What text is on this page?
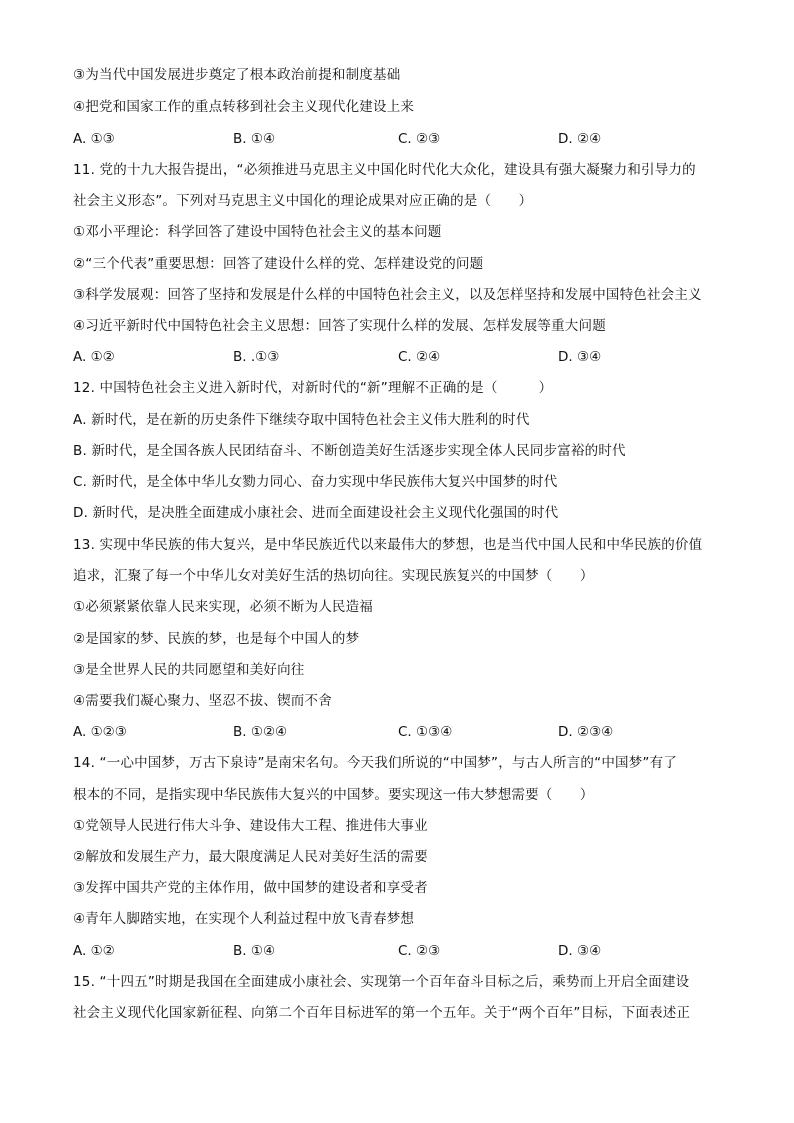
③为当代中国发展进步奠定了根本政治前提和制度基础
④把党和国家工作的重点转移到社会主义现代化建设上来
A. ①③	B. ①④	C. ②③	D. ②④
11. 党的十九大报告提出，“必须推进马克思主义中国化时代化大众化，建设具有强大凝聚力和引导力的
社会主义形态”。下列对马克思主义中国化的理论成果对应正确的是（　　）
①邓小平理论：科学回答了建设中国特色社会主义的基本问题
②“三个代表”重要思想：回答了建设什么样的党、怎样建设党的问题
③科学发展观：回答了坚持和发展是什么样的中国特色社会主义，以及怎样坚持和发展中国特色社会主义
④习近平新时代中国特色社会主义思想：回答了实现什么样的发展、怎样发展等重大问题
A. ①②	B. .①③	C. ②④	D. ③④
12. 中国特色社会主义进入新时代，对新时代的“新”理解不正确的是（　　　）
A. 新时代，是在新的历史条件下继续夺取中国特色社会主义伟大胜利的时代
B. 新时代，是全国各族人民团结奋斗、不断创造美好生活逐步实现全体人民同步富裕的时代
C. 新时代，是全体中华儿女勠力同心、奋力实现中华民族伟大复兴中国梦的时代
D. 新时代，是决胜全面建成小康社会、进而全面建设社会主义现代化强国的时代
13. 实现中华民族的伟大复兴，是中华民族近代以来最伟大的梦想，也是当代中国人民和中华民族的价值
追求，汇聚了每一个中华儿女对美好生活的热切向往。实现民族复兴的中国梦（　　）
①必须紧紧依靠人民来实现，必须不断为人民造福
②是国家的梦、民族的梦，也是每个中国人的梦
③是全世界人民的共同愿望和美好向往
④需要我们凝心聚力、坚忍不拔、锲而不舍
A. ①②③	B. ①②④	C. ①③④	D. ②③④
14. “一心中国梦，万古下泉诗”是南宋名句。今天我们所说的“中国梦”，与古人所言的“中国梦”有了
根本的不同，是指实现中华民族伟大复兴的中国梦。要实现这一伟大梦想需要（　　）
①党领导人民进行伟大斗争、建设伟大工程、推进伟大事业
②解放和发展生产力，最大限度满足人民对美好生活的需要
③发挥中国共产党的主体作用，做中国梦的建设者和享受者
④青年人脚踏实地，在实现个人利益过程中放飞青春梦想
A. ①②	B. ①④	C. ②③	D. ③④
15. “十四五”时期是我国在全面建成小康社会、实现第一个百年奋斗目标之后，乘势而上开启全面建设
社会主义现代化国家新征程、向第二个百年目标进军的第一个五年。关于“两个百年”目标，下面表述正
